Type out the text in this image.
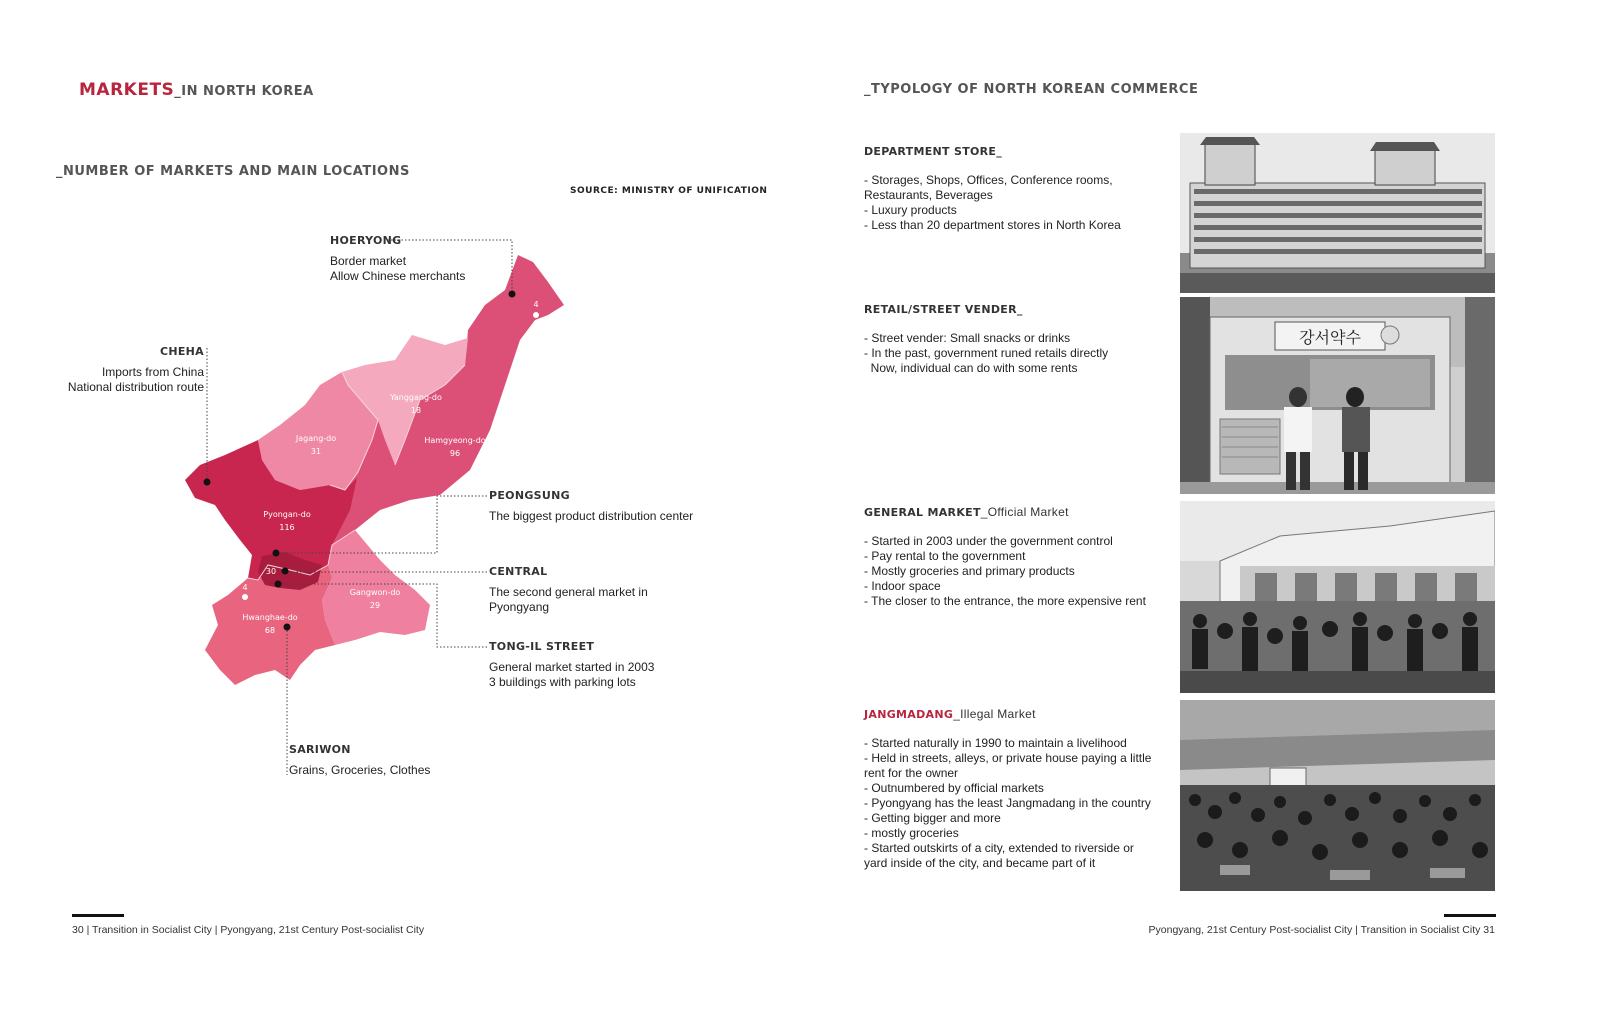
MARKETS_IN NORTH KOREA
_NUMBER OF MARKETS AND MAIN LOCATIONS
SOURCE: MINISTRY OF UNIFICATION
Yanggang-do
18
Jagang-do
31
Hamgyeong-do
96
Pyongan-do
116
Gangwon-do
29
Hwanghae-do
68
30
4
4
HOERYONG
Border market
Allow Chinese merchants
CHEHA
Imports from China
National distribution route
PEONGSUNG
The biggest product distribution center
CENTRAL
The second general market in
Pyongyang
TONG-IL STREET
General market started in 2003
3 buildings with parking lots
SARIWON
Grains, Groceries, Clothes
30 | Transition in Socialist City | Pyongyang, 21st Century Post-socialist City
_TYPOLOGY OF NORTH KOREAN COMMERCE
DEPARTMENT STORE_
- Storages, Shops, Offices, Conference rooms,
Restaurants, Beverages
- Luxury products
- Less than 20 department stores in North Korea
RETAIL/STREET VENDER_
- Street vender: Small snacks or drinks
- In the past, government runed retails directly
Now, individual can do with some rents
강서약수
GENERAL MARKET_Official Market
- Started in 2003 under the government control
- Pay rental to the government
- Mostly groceries and primary products
- Indoor space
- The closer to the entrance, the more expensive rent
JANGMADANG_Illegal Market
- Started naturally in 1990 to maintain a livelihood
- Held in streets, alleys, or private house paying a little
rent for the owner
- Outnumbered by official markets
- Pyongyang has the least Jangmadang in the country
- Getting bigger and more
- mostly groceries
- Started outskirts of a city, extended to riverside or
yard inside of the city, and became part of it
Pyongyang, 21st Century Post-socialist City | Transition in Socialist City 31
